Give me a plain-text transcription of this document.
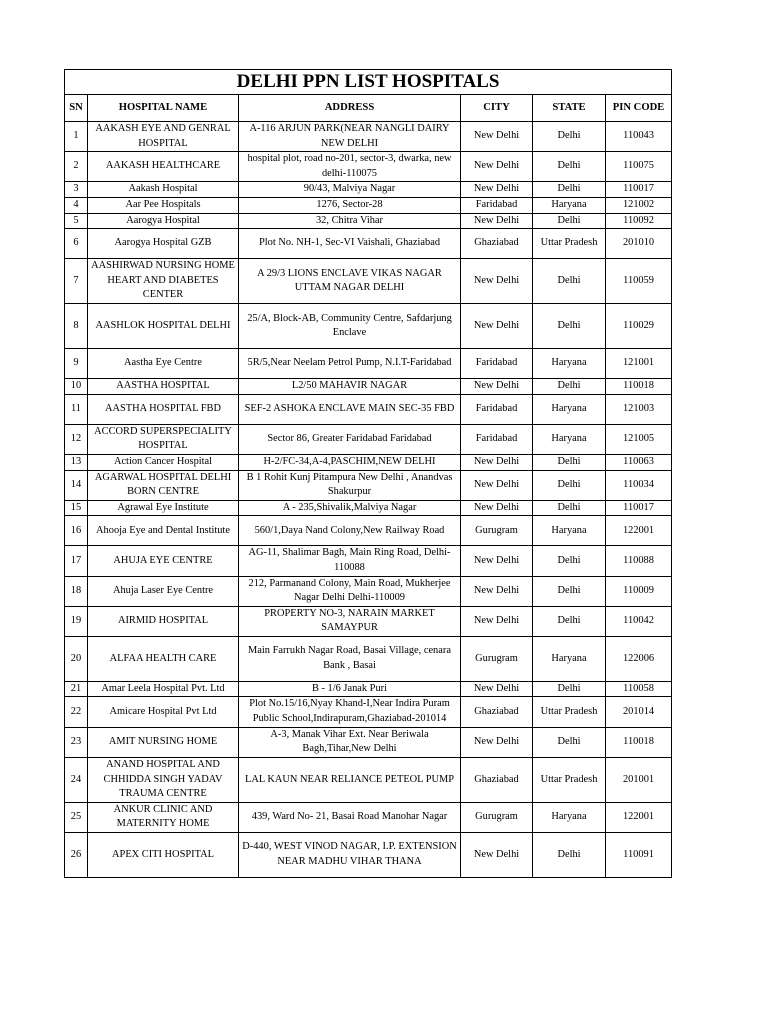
DELHI PPN LIST HOSPITALS					
SN	HOSPITAL NAME	ADDRESS	CITY	STATE	PIN CODE
1	AAKASH EYE AND GENRAL HOSPITAL	A-116 ARJUN PARK(NEAR NANGLI DAIRY NEW DELHI	New Delhi	Delhi	110043
2	AAKASH HEALTHCARE	hospital plot, road no-201, sector-3, dwarka, new delhi-110075	New Delhi	Delhi	110075
3	Aakash Hospital	90/43, Malviya Nagar	New Delhi	Delhi	110017
4	Aar Pee Hospitals	1276, Sector-28	Faridabad	Haryana	121002
5	Aarogya Hospital	32, Chitra Vihar	New Delhi	Delhi	110092
6	Aarogya Hospital GZB	Plot No. NH-1, Sec-VI Vaishali, Ghaziabad	Ghaziabad	Uttar Pradesh	201010
7	AASHIRWAD NURSING HOME HEART AND DIABETES CENTER	A 29/3 LIONS ENCLAVE VIKAS NAGAR UTTAM NAGAR DELHI	New Delhi	Delhi	110059
8	AASHLOK HOSPITAL DELHI	25/A, Block-AB, Community Centre, Safdarjung Enclave	New Delhi	Delhi	110029
9	Aastha Eye Centre	5R/5,Near Neelam Petrol Pump, N.I.T-Faridabad	Faridabad	Haryana	121001
10	AASTHA HOSPITAL	L2/50 MAHAVIR NAGAR	New Delhi	Delhi	110018
11	AASTHA HOSPITAL FBD	SEF-2 ASHOKA ENCLAVE MAIN SEC-35 FBD	Faridabad	Haryana	121003
12	ACCORD SUPERSPECIALITY HOSPITAL	Sector 86, Greater Faridabad Faridabad	Faridabad	Haryana	121005
13	Action Cancer Hospital	H-2/FC-34,A-4,PASCHIM,NEW DELHI	New Delhi	Delhi	110063
14	AGARWAL HOSPITAL DELHI BORN CENTRE	B 1 Rohit Kunj Pitampura New Delhi , Anandvas Shakurpur	New Delhi	Delhi	110034
15	Agrawal Eye Institute	A - 235,Shivalik,Malviya Nagar	New Delhi	Delhi	110017
16	Ahooja Eye and Dental Institute	560/1,Daya Nand Colony,New Railway Road	Gurugram	Haryana	122001
17	AHUJA EYE CENTRE	AG-11, Shalimar Bagh, Main Ring Road, Delhi-110088	New Delhi	Delhi	110088
18	Ahuja Laser Eye Centre	212, Parmanand Colony, Main Road, Mukherjee Nagar Delhi Delhi-110009	New Delhi	Delhi	110009
19	AIRMID HOSPITAL	PROPERTY NO-3, NARAIN MARKET SAMAYPUR	New Delhi	Delhi	110042
20	ALFAA HEALTH CARE	Main Farrukh Nagar Road, Basai Village, cenara Bank , Basai	Gurugram	Haryana	122006
21	Amar Leela Hospital Pvt. Ltd	B - 1/6 Janak Puri	New Delhi	Delhi	110058
22	Amicare Hospital Pvt Ltd	Plot No.15/16,Nyay Khand-I,Near Indira Puram Public School,Indirapuram,Ghaziabad-201014	Ghaziabad	Uttar Pradesh	201014
23	AMIT NURSING HOME	A-3, Manak Vihar Ext. Near Beriwala Bagh,Tihar,New Delhi	New Delhi	Delhi	110018
24	ANAND HOSPITAL AND CHHIDDA SINGH YADAV TRAUMA CENTRE	LAL KAUN NEAR RELIANCE PETEOL PUMP	Ghaziabad	Uttar Pradesh	201001
25	ANKUR CLINIC AND MATERNITY HOME	439, Ward No- 21, Basai Road Manohar Nagar	Gurugram	Haryana	122001
26	APEX CITI HOSPITAL	D-440, WEST VINOD NAGAR, I.P. EXTENSION NEAR MADHU VIHAR THANA	New Delhi	Delhi	110091
